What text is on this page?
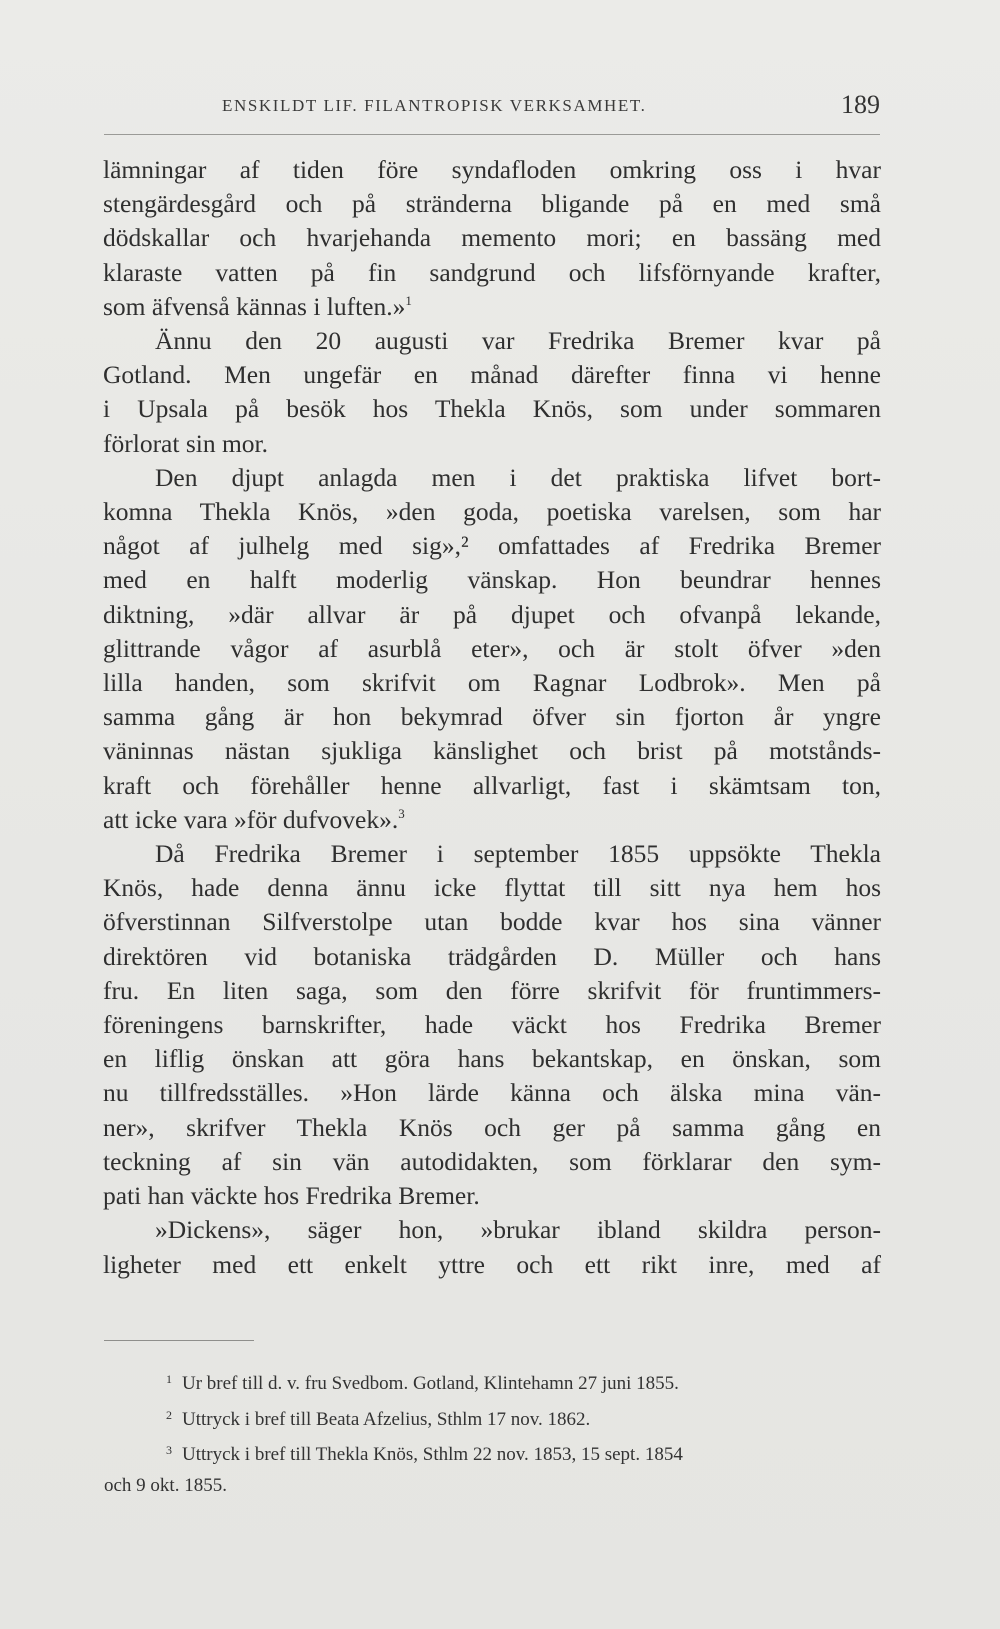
ENSKILDT LIF. FILANTROPISK VERKSAMHET.	189
lämningar af tiden före syndafloden omkring oss i hvar
stengärdesgård och på stränderna bligande på en med små
dödskallar och hvarjehanda memento mori; en bassäng med
klaraste vatten på fin sandgrund och lifsförnyande krafter,
som äfvenså kännas i luften.»$^1$
Ännu den 20 augusti var Fredrika Bremer kvar på
Gotland. Men ungefär en månad därefter finna vi henne
i Upsala på besök hos Thekla Knös, som under sommaren
förlorat sin mor.
Den djupt anlagda men i det praktiska lifvet bort-
komna Thekla Knös, »den goda, poetiska varelsen, som har
något af julhelg med sig»,² omfattades af Fredrika Bremer
med en halft moderlig vänskap. Hon beundrar hennes
diktning, »där allvar är på djupet och ofvanpå lekande,
glittrande vågor af asurblå eter», och är stolt öfver »den
lilla handen, som skrifvit om Ragnar Lodbrok». Men på
samma gång är hon bekymrad öfver sin fjorton år yngre
väninnas nästan sjukliga känslighet och brist på motstånds-
kraft och förehåller henne allvarligt, fast i skämtsam ton,
att icke vara »för dufvovek».$^3$
Då Fredrika Bremer i september 1855 uppsökte Thekla
Knös, hade denna ännu icke flyttat till sitt nya hem hos
öfverstinnan Silfverstolpe utan bodde kvar hos sina vänner
direktören vid botaniska trädgården D. Müller och hans
fru. En liten saga, som den förre skrifvit för fruntimmers-
föreningens barnskrifter, hade väckt hos Fredrika Bremer
en liflig önskan att göra hans bekantskap, en önskan, som
nu tillfredsställes. »Hon lärde känna och älska mina vän-
ner», skrifver Thekla Knös och ger på samma gång en
teckning af sin vän autodidakten, som förklarar den sym-
pati han väckte hos Fredrika Bremer.
»Dickens», säger hon, »brukar ibland skildra person-
ligheter med ett enkelt yttre och ett rikt inre, med af
$^1$ Ur bref till d. v. fru Svedbom. Gotland, Klintehamn 27 juni 1855.
$^2$ Uttryck i bref till Beata Afzelius, Sthlm 17 nov. 1862.
$^3$ Uttryck i bref till Thekla Knös, Sthlm 22 nov. 1853, 15 sept. 1854
och 9 okt. 1855.
